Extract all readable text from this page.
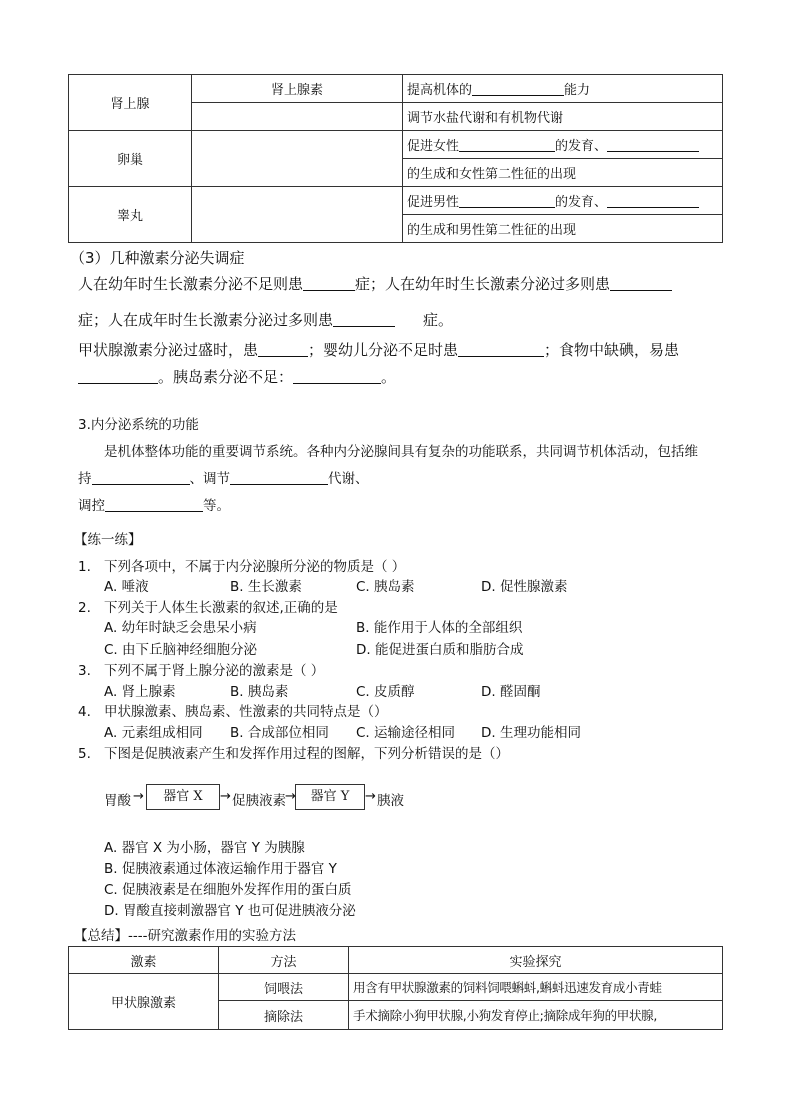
肾上腺	肾上腺素	提高机体的 能力
		调节水盐代谢和有机物代谢
卵巢		促进女性 的发育、
		的生成和女性第二性征的出现
睾丸		促进男性 的发育、
		的生成和男性第二性征的出现
（3）几种激素分泌失调症
人在幼年时生长激素分泌不足则患	症；人在幼年时生长激素分泌过多则患
症；人在成年时生长激素分泌过多则患	症。
甲状腺激素分泌过盛时，患	；婴幼儿分泌不足时患	；食物中缺碘，易患
。胰岛素分泌不足：	。
3.内分泌系统的功能
是机体整体功能的重要调节系统。各种内分泌腺间具有复杂的功能联系，共同调节机体活动，包括维
持	、调节	代谢、
调控	等。
【练一练】
1. 下列各项中，不属于内分泌腺所分泌的物质是（ ）
A. 唾液	B. 生长激素	C. 胰岛素	D. 促性腺激素
2. 下列关于人体生长激素的叙述,正确的是
A. 幼年时缺乏会患呆小病	B. 能作用于人体的全部组织
C. 由下丘脑神经细胞分泌	D. 能促进蛋白质和脂肪合成
3. 下列不属于肾上腺分泌的激素是（ ）
A. 肾上腺素	B. 胰岛素	C. 皮质醇	D. 醛固酮
4. 甲状腺激素、胰岛素、性激素的共同特点是（）
A. 元素组成相同 B. 合成部位相同 C. 运输途径相同 D. 生理功能相同
5. 下图是促胰液素产生和发挥作用过程的图解，下列分析错误的是（）
胃酸 →	器官 X	→ 促胰液素 →	器官 Y	→ 胰液
A. 器官 X 为小肠，器官 Y 为胰腺
B. 促胰液素通过体液运输作用于器官 Y
C. 促胰液素是在细胞外发挥作用的蛋白质
D. 胃酸直接刺激器官 Y 也可促进胰液分泌
【总结】----研究激素作用的实验方法
激素	方法	实验探究
甲状腺激素	饲喂法	用含有甲状腺激素的饲料饲喂蝌蚪,蝌蚪迅速发育成小青蛙
	摘除法	手术摘除小狗甲状腺,小狗发育停止;摘除成年狗的甲状腺,
